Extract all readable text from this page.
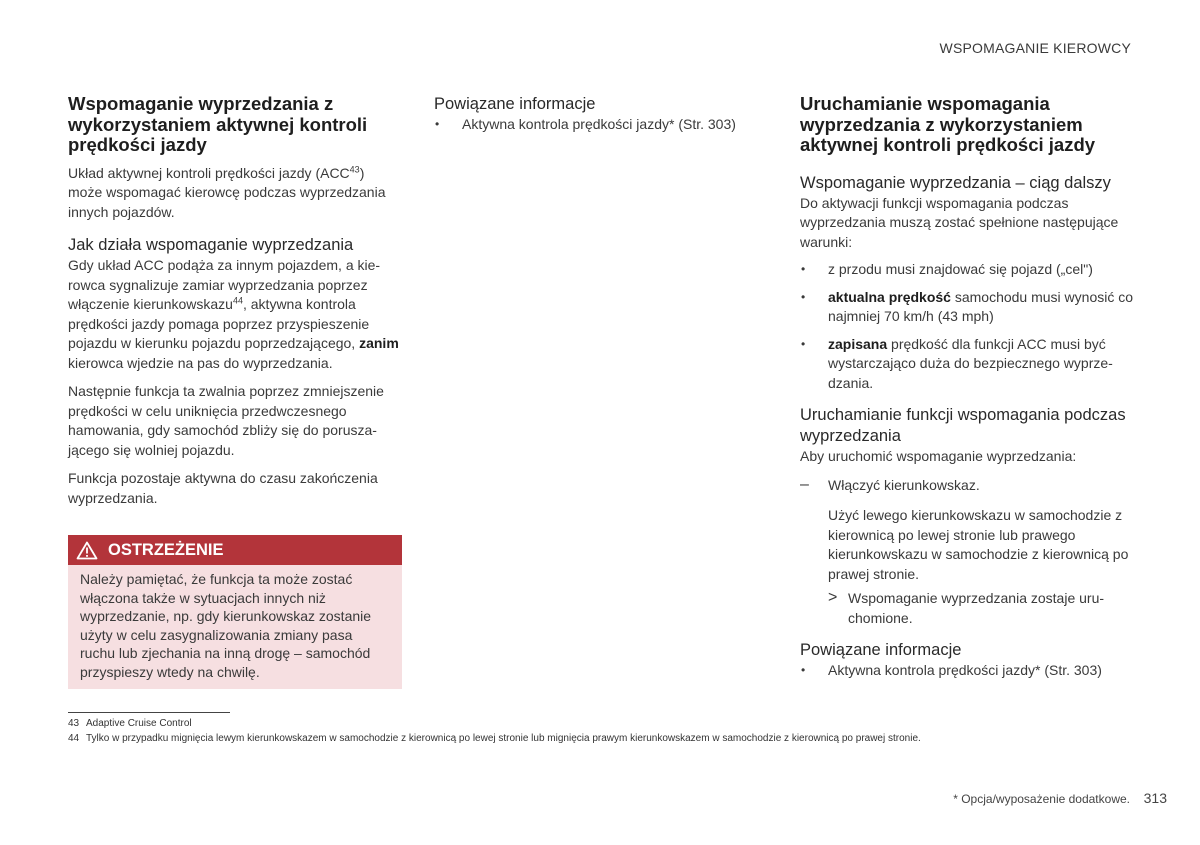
WSPOMAGANIE KIEROWCY
Wspomaganie wyprzedzania z wykorzystaniem aktywnej kontroli prędkości jazdy

Układ aktywnej kontroli prędkości jazdy (ACC$^{43}$) może wspomagać kierowcę podczas wyprzedzania innych pojazdów.

Jak działa wspomaganie wyprzedzania

Gdy układ ACC podąża za innym pojazdem, a kierowca sygnalizuje zamiar wyprzedzania poprzez włączenie kierunkowskazu$^{44}$, aktywna kontrola prędkości jazdy pomaga poprzez przyspieszenie pojazdu w kierunku pojazdu poprzedzającego, zanim kierowca wjedzie na pas do wyprzedzania.

Następnie funkcja ta zwalnia poprzez zmniejszenie prędkości w celu uniknięcia przedwczesnego hamowania, gdy samochód zbliży się do poruszającego się wolniej pojazdu.

Funkcja pozostaje aktywna do czasu zakończenia wyprzedzania.

OSTRZEŻENIE
Należy pamiętać, że funkcja ta może zostać włączona także w sytuacjach innych niż wyprzedzanie, np. gdy kierunkowskaz zostanie użyty w celu zasygnalizowania zmiany pasa ruchu lub zjechania na inną drogę – samochód przyspieszy wtedy na chwilę.
Powiązane informacje
• Aktywna kontrola prędkości jazdy* (Str. 303)
Uruchamianie wspomagania wyprzedzania z wykorzystaniem aktywnej kontroli prędkości jazdy
Wspomaganie wyprzedzania – ciąg dalszy

Do aktywacji funkcji wspomagania podczas wyprzedzania muszą zostać spełnione następujące warunki:

• z przodu musi znajdować się pojazd („cel")
• aktualna prędkość samochodu musi wynosić co najmniej 70 km/h (43 mph)
• zapisana prędkość dla funkcji ACC musi być wystarczająco duża do bezpiecznego wyprzedzania.
Uruchamianie funkcji wspomagania podczas wyprzedzania

Aby uruchomić wspomaganie wyprzedzania:

– Włączyć kierunkowskaz.

Użyć lewego kierunkowskazu w samochodzie z kierownicą po lewej stronie lub prawego kierunkowskazu w samochodzie z kierownicą po prawej stronie.

> Wspomaganie wyprzedzania zostaje uruchomione.

Powiązane informacje
• Aktywna kontrola prędkości jazdy* (Str. 303)
43 Adaptive Cruise Control
44 Tylko w przypadku mignięcia lewym kierunkowskazem w samochodzie z kierownicą po lewej stronie lub mignięcia prawym kierunkowskazem w samochodzie z kierownicą po prawej stronie.
* Opcja/wyposażenie dodatkowe. 313
